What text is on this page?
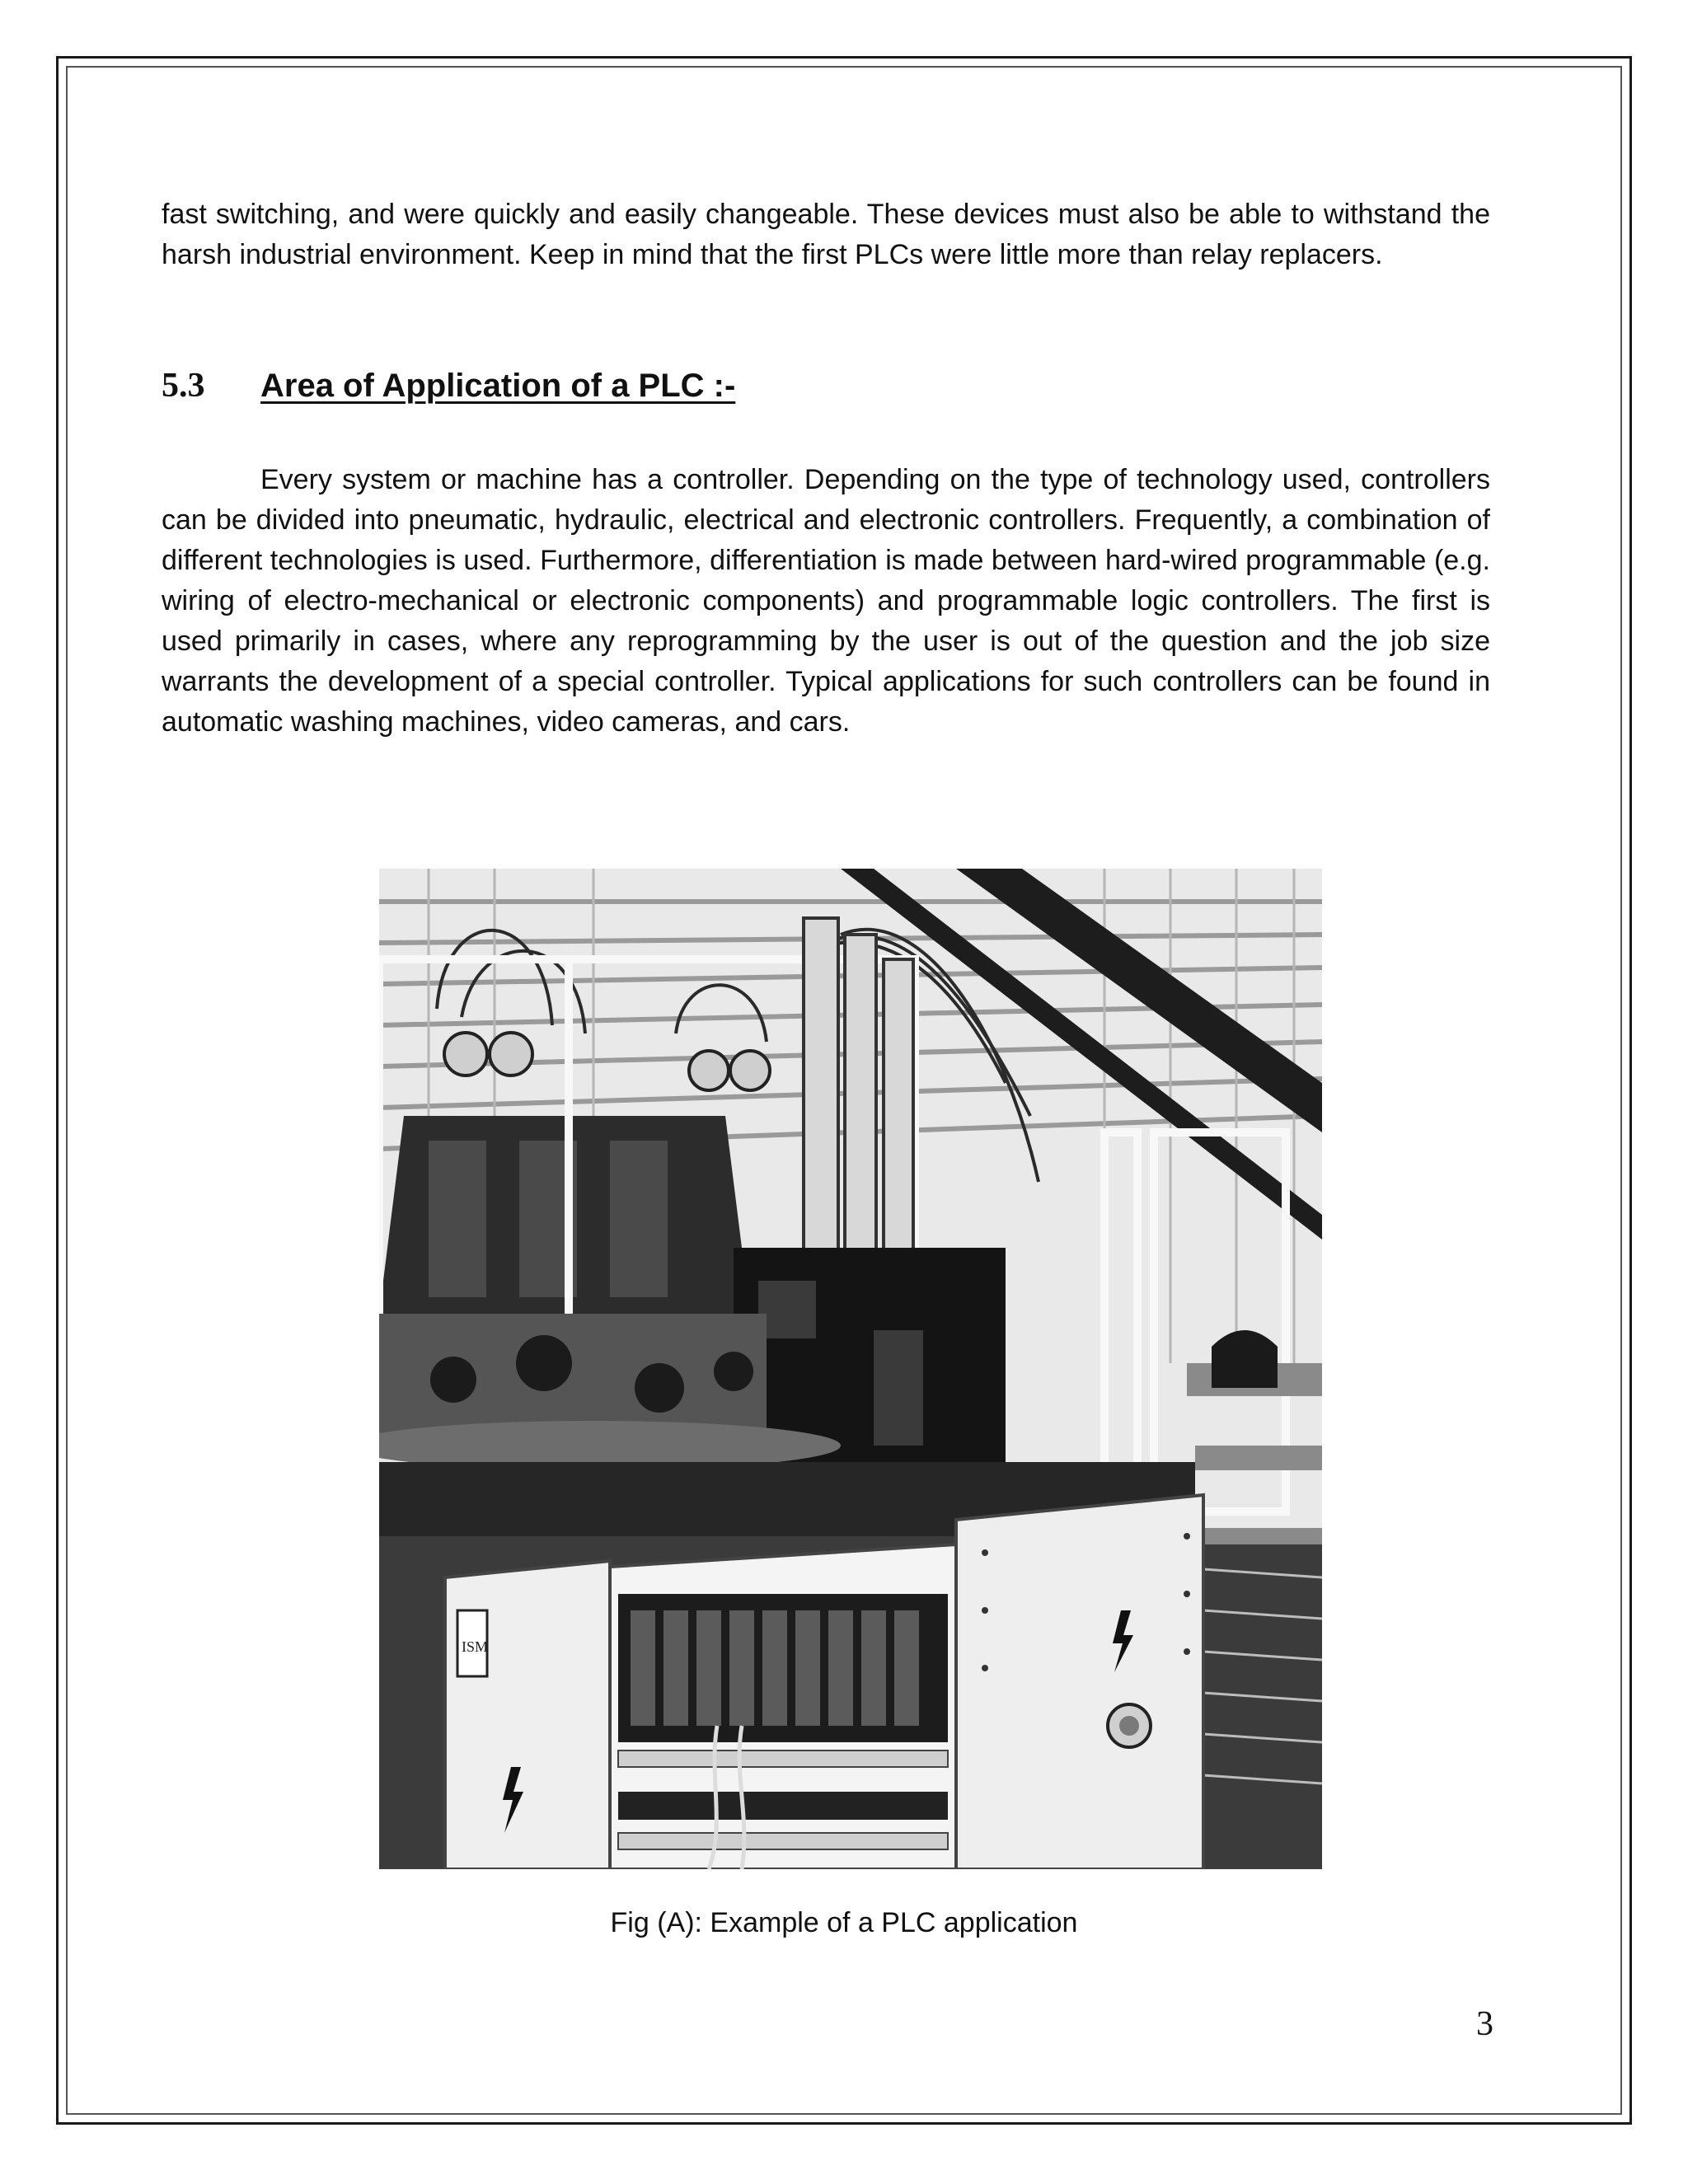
fast switching, and were quickly and easily changeable. These devices must also be able to withstand the harsh industrial environment. Keep in mind that the first PLCs were little more than relay replacers.

5.3	Area of Application of a PLC :-

Every system or machine has a controller. Depending on the type of technology used, controllers can be divided into pneumatic, hydraulic, electrical and electronic controllers. Frequently, a combination of different technologies is used. Furthermore, differentiation is made between hard-wired programmable (e.g. wiring of electro-mechanical or electronic components) and programmable logic controllers. The first is used primarily in cases, where any reprogramming by the user is out of the question and the job size warrants the development of a special controller. Typical applications for such controllers can be found in automatic washing machines, video cameras, and cars.

ISM
Fig (A): Example of a PLC application
3
